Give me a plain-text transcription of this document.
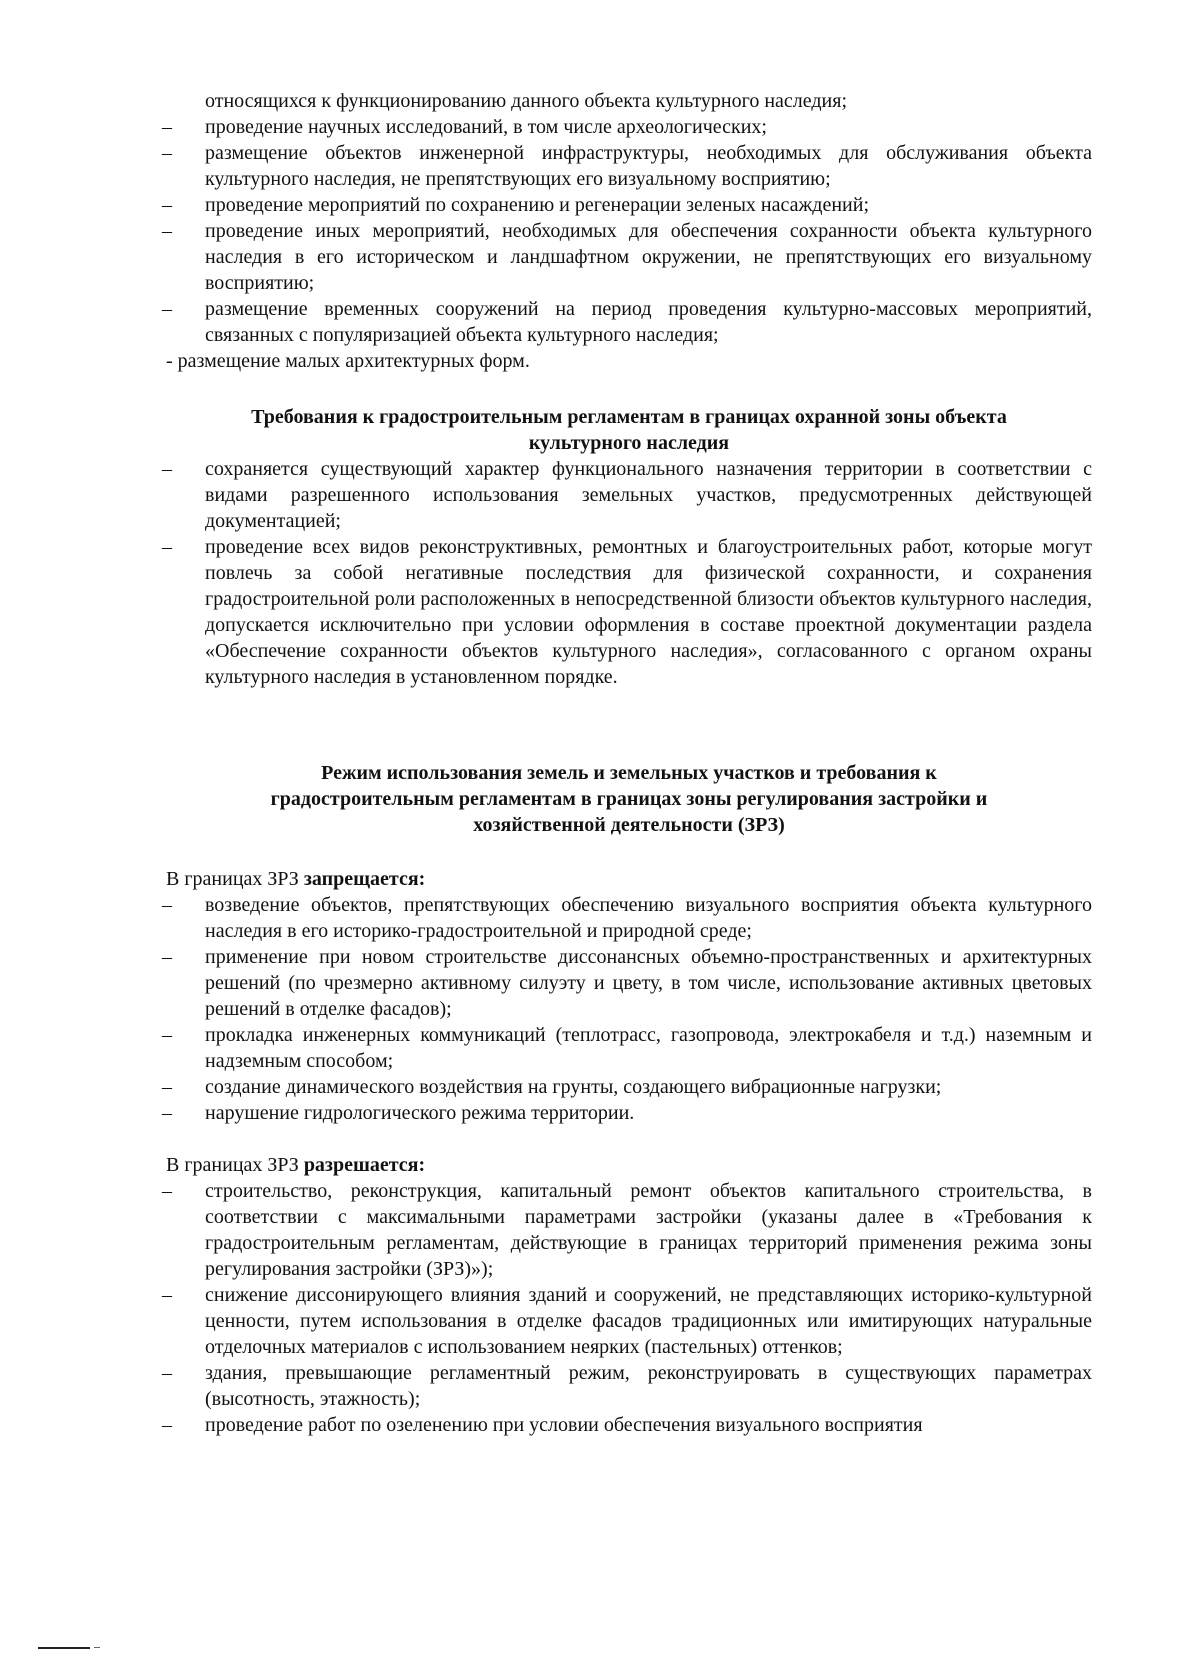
относящихся к функционированию данного объекта культурного наследия;
– проведение научных исследований, в том числе археологических;
– размещение объектов инженерной инфраструктуры, необходимых для обслуживания объекта культурного наследия, не препятствующих его визуальному восприятию;
– проведение мероприятий по сохранению и регенерации зеленых насаждений;
– проведение иных мероприятий, необходимых для обеспечения сохранности объекта культурного наследия в его историческом и ландшафтном окружении, не препятствующих его визуальному восприятию;
– размещение временных сооружений на период проведения культурно-массовых мероприятий, связанных с популяризацией объекта культурного наследия;
- размещение малых архитектурных форм.
Требования к градостроительным регламентам в границах охранной зоны объекта
культурного наследия
– сохраняется существующий характер функционального назначения территории в соответствии с видами разрешенного использования земельных участков, предусмотренных действующей документацией;
– проведение всех видов реконструктивных, ремонтных и благоустроительных работ, которые могут повлечь за собой негативные последствия для физической сохранности, и сохранения градостроительной роли расположенных в непосредственной близости объектов культурного наследия, допускается исключительно при условии оформления в составе проектной документации раздела «Обеспечение сохранности объектов культурного наследия», согласованного с органом охраны культурного наследия в установленном порядке.
Режим использования земель и земельных участков и требования к
градостроительным регламентам в границах зоны регулирования застройки и
хозяйственной деятельности (ЗРЗ)
В границах ЗРЗ запрещается:
– возведение объектов, препятствующих обеспечению визуального восприятия объекта культурного наследия в его историко-градостроительной и природной среде;
– применение при новом строительстве диссонансных объемно-пространственных и архитектурных решений (по чрезмерно активному силуэту и цвету, в том числе, использование активных цветовых решений в отделке фасадов);
– прокладка инженерных коммуникаций (теплотрасс, газопровода, электрокабеля и т.д.) наземным и надземным способом;
– создание динамического воздействия на грунты, создающего вибрационные нагрузки;
– нарушение гидрологического режима территории.
В границах ЗРЗ разрешается:
– строительство, реконструкция, капитальный ремонт объектов капитального строительства, в соответствии с максимальными параметрами застройки (указаны далее в «Требования к градостроительным регламентам, действующие в границах территорий применения режима зоны регулирования застройки (ЗРЗ)»);
– снижение диссонирующего влияния зданий и сооружений, не представляющих историко-культурной ценности, путем использования в отделке фасадов традиционных или имитирующих натуральные отделочных материалов с использованием неярких (пастельных) оттенков;
– здания, превышающие регламентный режим, реконструировать в существующих параметрах (высотность, этажность);
– проведение работ по озеленению при условии обеспечения визуального восприятия
